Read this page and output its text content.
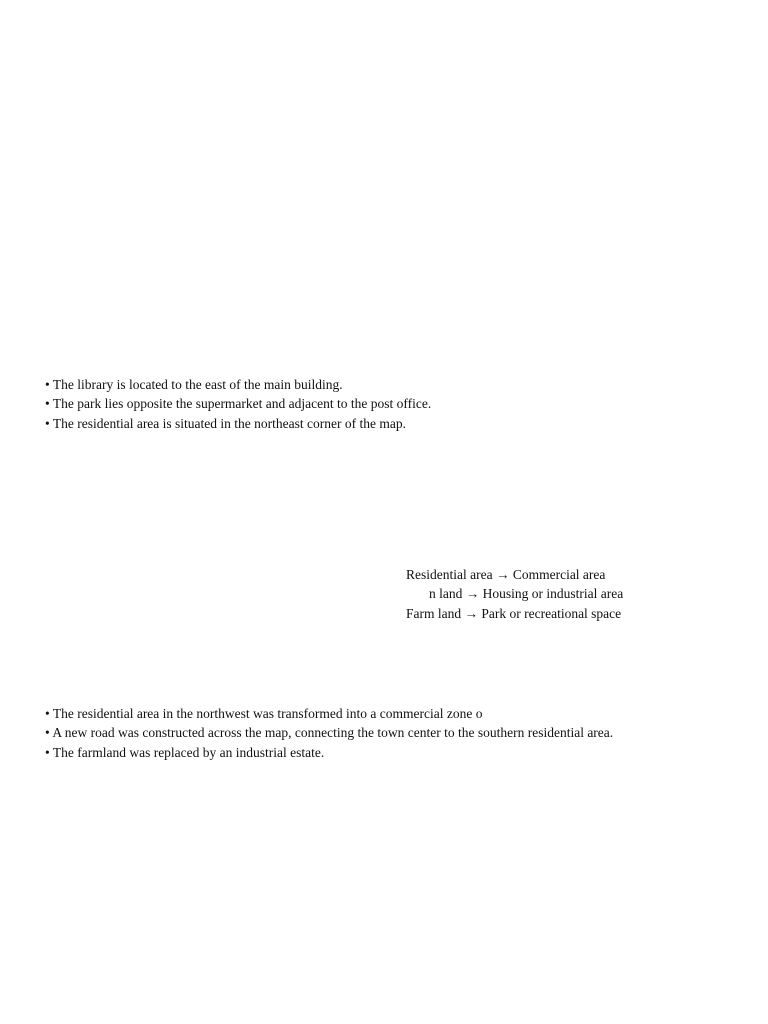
• The library is located to the east of the main building.
• The park lies opposite the supermarket and adjacent to the post office.
• The residential area is situated in the northeast corner of the map.
Residential area → Commercial area
n land → Housing or industrial area
Farm land → Park or recreational space
• The residential area in the northwest was transformed into a commercial zone o
• A new road was constructed across the map, connecting the town center to the southern residential area.
• The farmland was replaced by an industrial estate.
